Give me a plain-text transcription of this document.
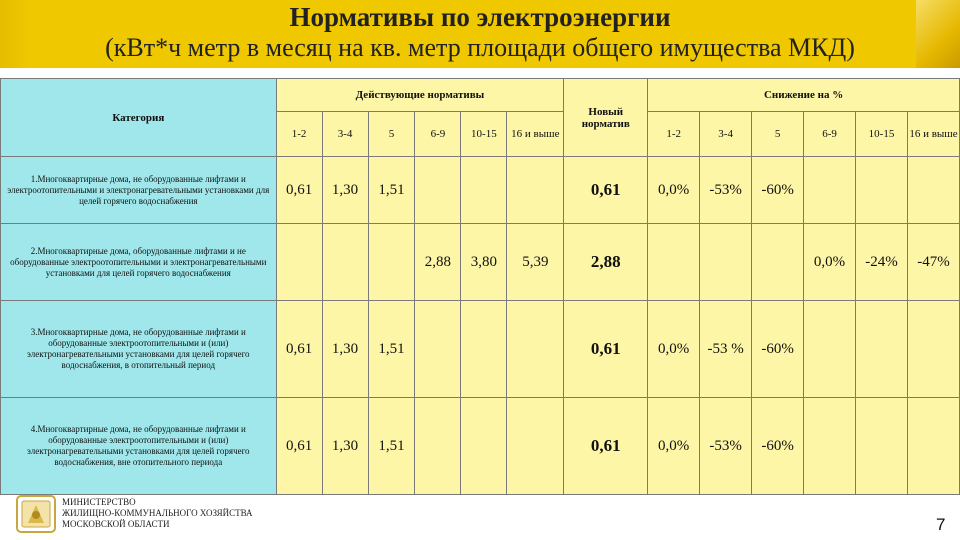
Нормативы по электроэнергии
(кВт*ч метр в месяц на кв. метр площади общего имущества МКД)
Категория	Действующие нормативы						Новый норматив	Снижение на %					
	1-2	3-4	5	6-9	10-15	16 и выше		1-2	3-4	5	6-9	10-15	16 и выше
1.Многоквартирные дома, не оборудованные лифтами и электроотопительными и электронагревательными установками для целей горячего водоснабжения	0,61	1,30	1,51				0,61	0,0%	-53%	-60%			
2.Многоквартирные дома, оборудованные лифтами и не оборудованные электроотопительными и электронагревательными установками для целей горячего водоснабжения				2,88	3,80	5,39	2,88				0,0%	-24%	-47%
3.Многоквартирные дома, не оборудованные лифтами и оборудованные электроотопительными и (или) электронагревательными установками для целей горячего водоснабжения, в отопительный период	0,61	1,30	1,51				0,61	0,0%	-53 %	-60%			
4.Многоквартирные дома, не оборудованные лифтами и оборудованные электроотопительными и (или) электронагревательными установками для целей горячего водоснабжения, вне отопительного периода	0,61	1,30	1,51				0,61	0,0%	-53%	-60%			
МИНИСТЕРСТВО
ЖИЛИЩНО-КОММУНАЛЬНОГО ХОЗЯЙСТВА
МОСКОВСКОЙ ОБЛАСТИ	7
